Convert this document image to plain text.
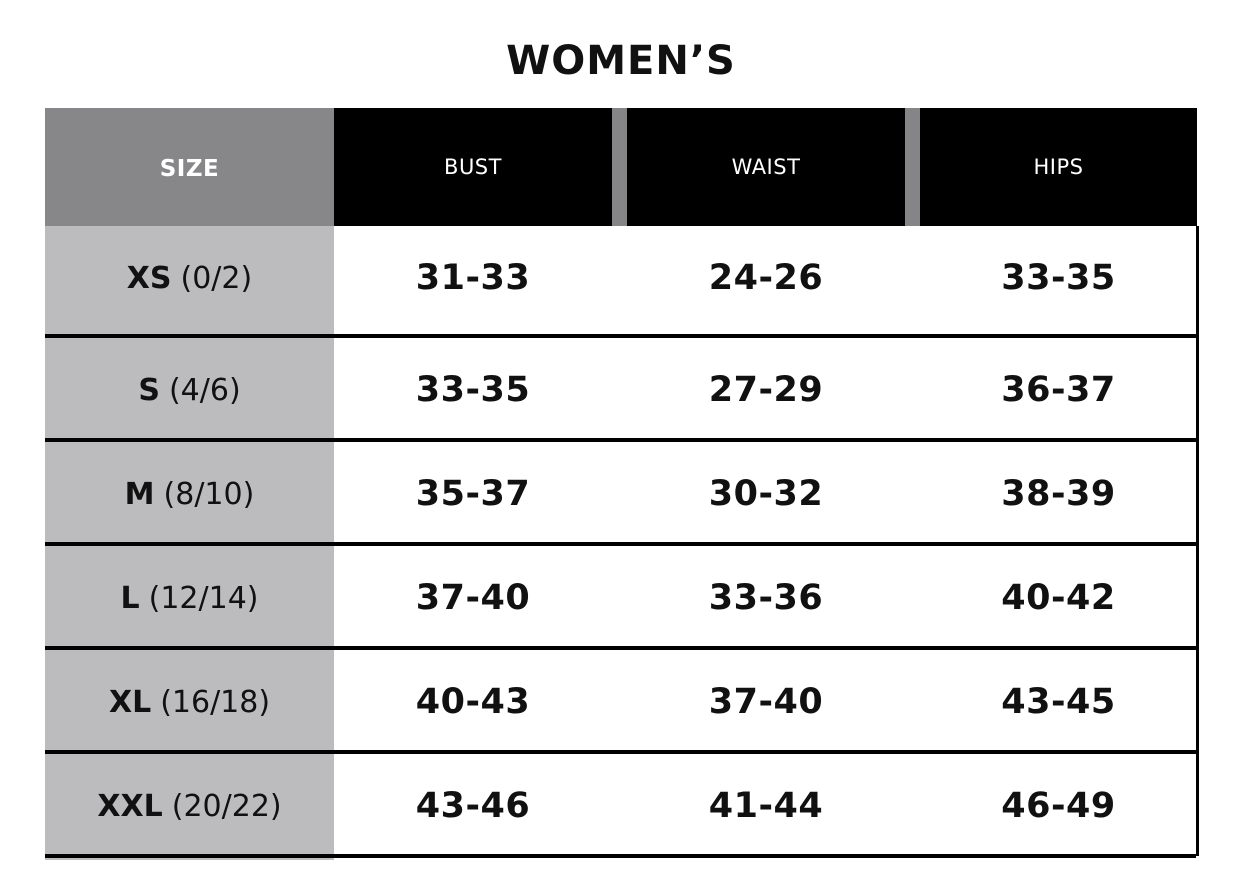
WOMEN’S
SIZE	BUST	WAIST	HIPS
XS (0/2)	31-33	24-26	33-35
S (4/6)	33-35	27-29	36-37
M (8/10)	35-37	30-32	38-39
L (12/14)	37-40	33-36	40-42
XL (16/18)	40-43	37-40	43-45
XXL (20/22)	43-46	41-44	46-49
